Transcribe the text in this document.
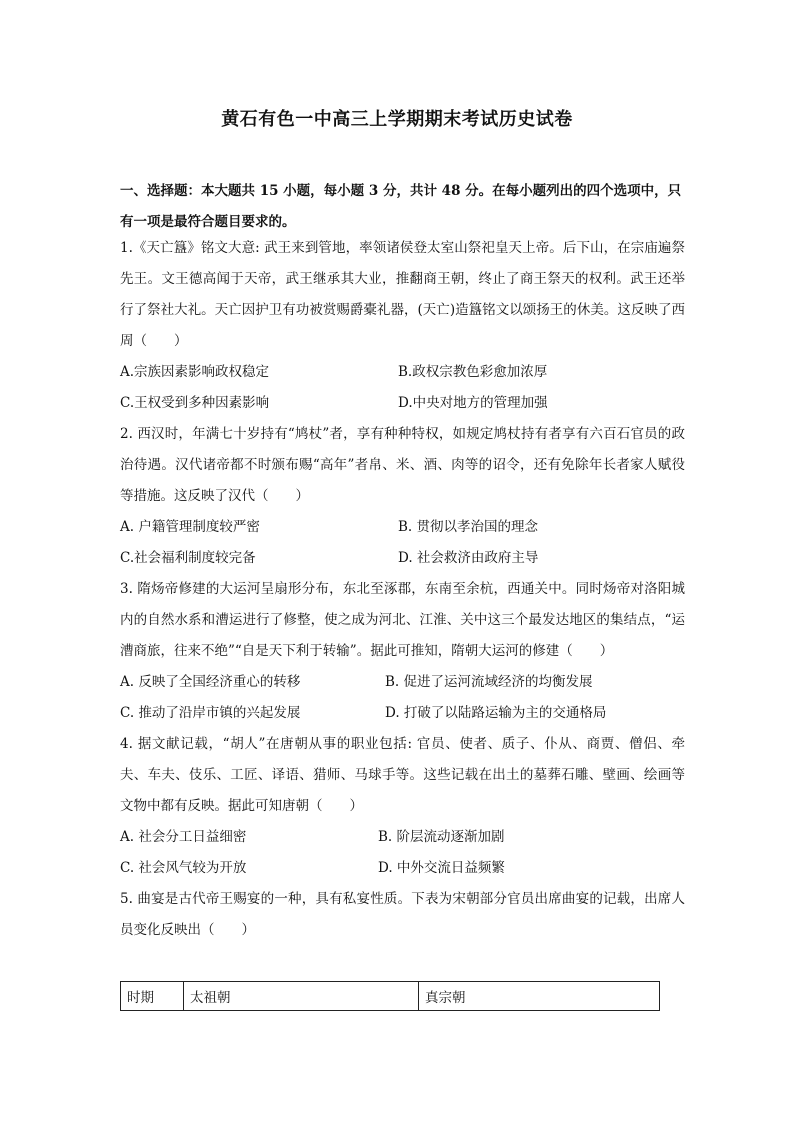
黄石有色一中高三上学期期末考试历史试卷
一、选择题：本大题共 15 小题，每小题 3 分，共计 48 分。在每小题列出的四个选项中，只有一项是最符合题目要求的。

1.《天亡簋》铭文大意: 武王来到管地，率领诸侯登太室山祭祀皇天上帝。后下山，在宗庙遍祭先王。文王德高闻于天帝，武王继承其大业，推翻商王朝，终止了商王祭天的权利。武王还举行了祭社大礼。天亡因护卫有功被赏赐爵橐礼器，(天亡)造簋铭文以颂扬王的休美。这反映了西周（　　）

A.宗族因素影响政权稳定	B.政权宗教色彩愈加浓厚
C.王权受到多种因素影响	D.中央对地方的管理加强

2. 西汉时，年满七十岁持有“鸠杖”者，享有种种特权，如规定鸠杖持有者享有六百石官员的政治待遇。汉代诸帝都不时颁布赐“高年”者帛、米、酒、肉等的诏令，还有免除年长者家人赋役等措施。这反映了汉代（　　）

A. 户籍管理制度较严密	B. 贯彻以孝治国的理念
C.社会福利制度较完备	D. 社会救济由政府主导

3. 隋炀帝修建的大运河呈扇形分布，东北至涿郡，东南至余杭，西通关中。同时炀帝对洛阳城内的自然水系和漕运进行了修整，使之成为河北、江淮、关中这三个最发达地区的集结点，“运漕商旅，往来不绝”“自是天下利于转输”。据此可推知，隋朝大运河的修建（　　）

A. 反映了全国经济重心的转移	B. 促进了运河流域经济的均衡发展
C. 推动了沿岸市镇的兴起发展	D. 打破了以陆路运输为主的交通格局

4. 据文献记载，“胡人”在唐朝从事的职业包括: 官员、使者、质子、仆从、商贾、僧侣、牵夫、车夫、伎乐、工匠、译语、猎师、马球手等。这些记载在出土的墓葬石雕、壁画、绘画等文物中都有反映。据此可知唐朝（　　）

A. 社会分工日益细密	B. 阶层流动逐渐加剧
C. 社会风气较为开放	D. 中外交流日益频繁

5. 曲宴是古代帝王赐宴的一种，具有私宴性质。下表为宋朝部分官员出席曲宴的记载，出席人员变化反映出（　　）

时期	太祖朝	真宗朝
